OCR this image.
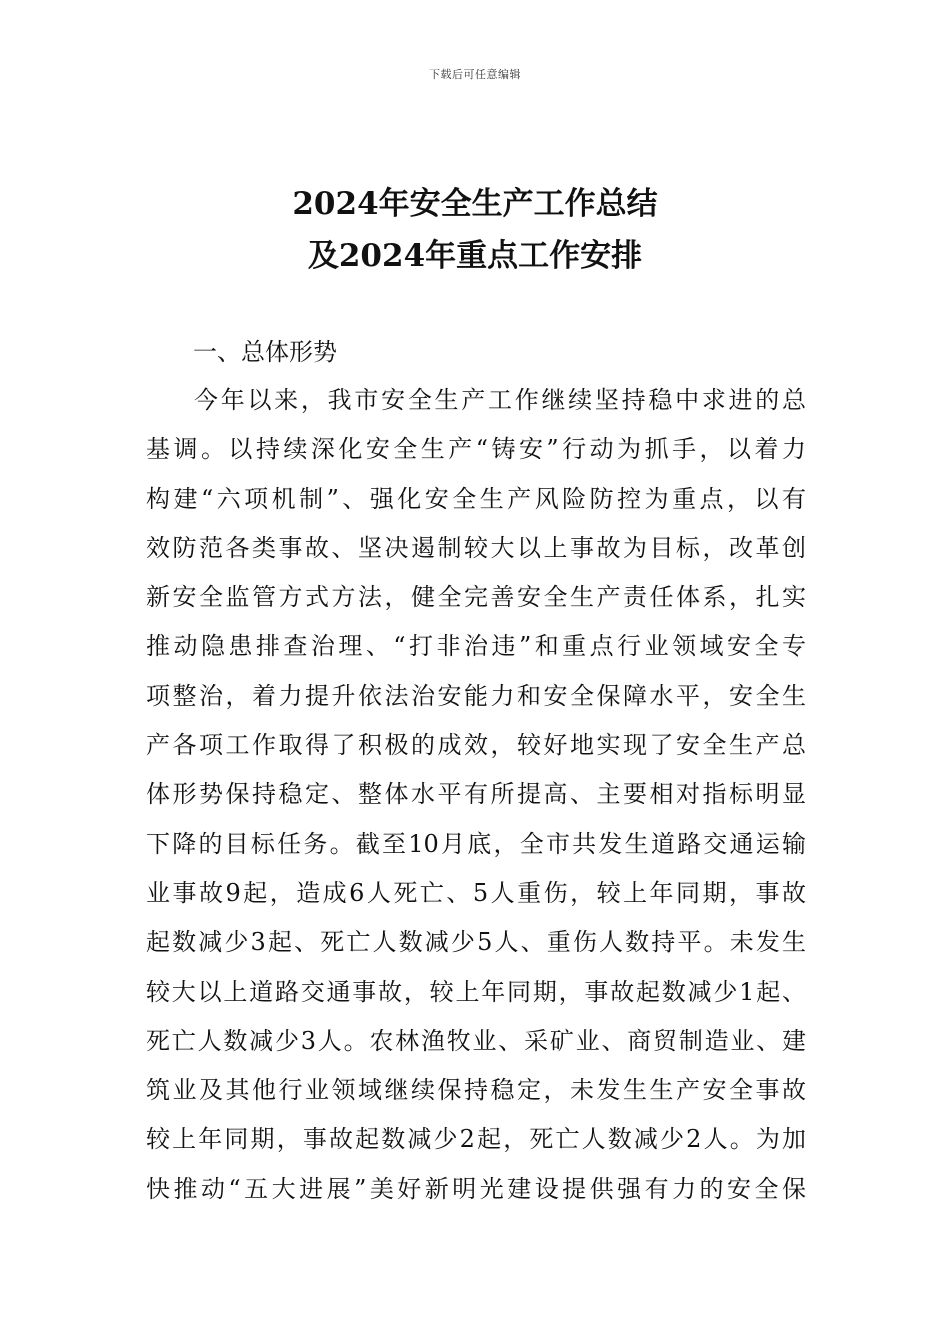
下载后可任意编辑
2024年安全生产工作总结
及2024年重点工作安排
一、总体形势
今年以来，我市安全生产工作继续坚持稳中求进的总
基调。以持续深化安全生产“铸安”行动为抓手，以着力
构建“六项机制”、强化安全生产风险防控为重点，以有
效防范各类事故、坚决遏制较大以上事故为目标，改革创
新安全监管方式方法，健全完善安全生产责任体系，扎实
推动隐患排查治理、“打非治违”和重点行业领域安全专
项整治，着力提升依法治安能力和安全保障水平，安全生
产各项工作取得了积极的成效，较好地实现了安全生产总
体形势保持稳定、整体水平有所提高、主要相对指标明显
下降的目标任务。截至10月底，全市共发生道路交通运输
业事故9起，造成6人死亡、5人重伤，较上年同期，事故
起数减少3起、死亡人数减少5人、重伤人数持平。未发生
较大以上道路交通事故，较上年同期，事故起数减少1起、
死亡人数减少3人。农林渔牧业、采矿业、商贸制造业、建
筑业及其他行业领域继续保持稳定，未发生生产安全事故
较上年同期，事故起数减少2起，死亡人数减少2人。为加
快推动“五大进展”美好新明光建设提供强有力的安全保
